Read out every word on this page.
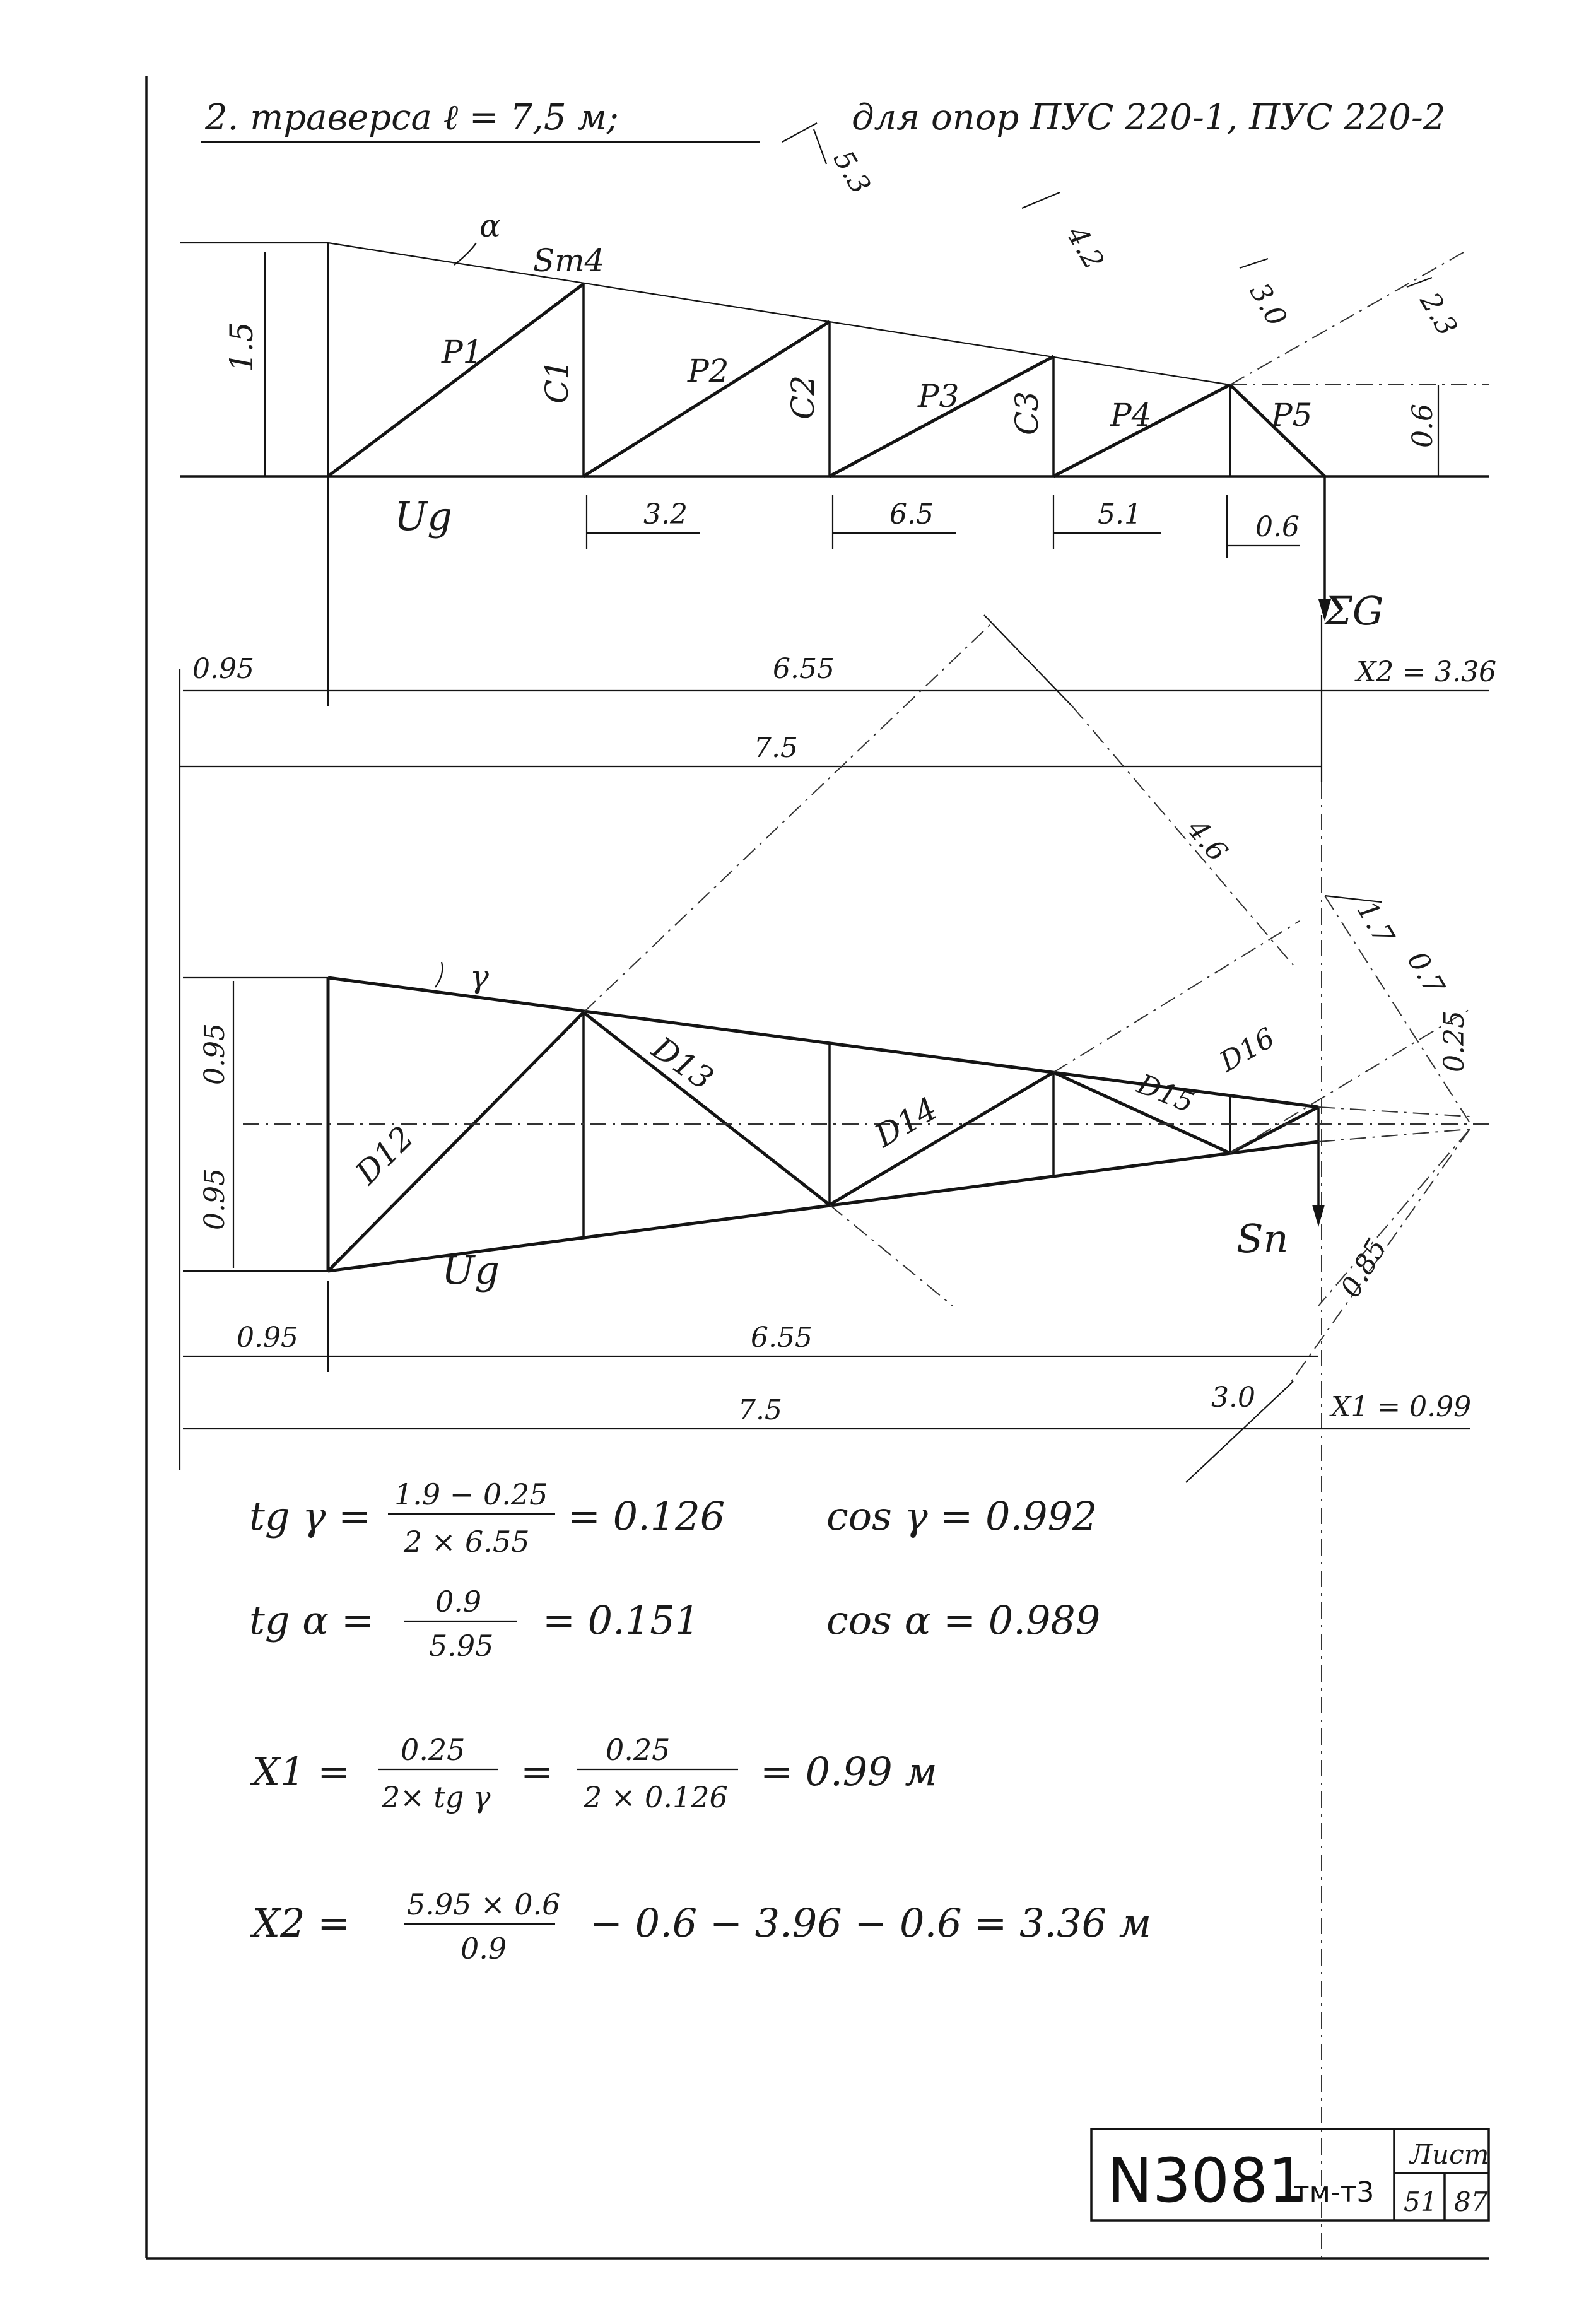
2. траверса ℓ = 7,5 м;	для опор ПУС 220-1, ПУС 220-2
α
Sт4
1.5	P1
P2
P3
P4	P5
C1	C2	C3
Ug
5.3
4.2
3.0	2.3
0.6
3.2	6.5	5.1	0.6
ΣG
0.95	6.55
7.5
X2 = 3.36
γ
0.95
0.95
D12
D13
D14	D15
D16
Ug
Sn
4.6
1.7
0.7
0.25
0.85
3.0
0.95	6.55
7.5	X1 = 0.99
tg γ = 1.9 − 0.25
2 × 6.55
= 0.126	cos γ = 0.992
tg α = 0.9
5.95
= 0.151	cos α = 0.989
X1 = 0.25
2× tg γ
= 0.25
2 × 0.126
= 0.99 м
X2 = 5.95 × 0.6
0.9
− 0.6 − 3.96 − 0.6 = 3.36 м
N3081
тм-т3
Лист
51 87
